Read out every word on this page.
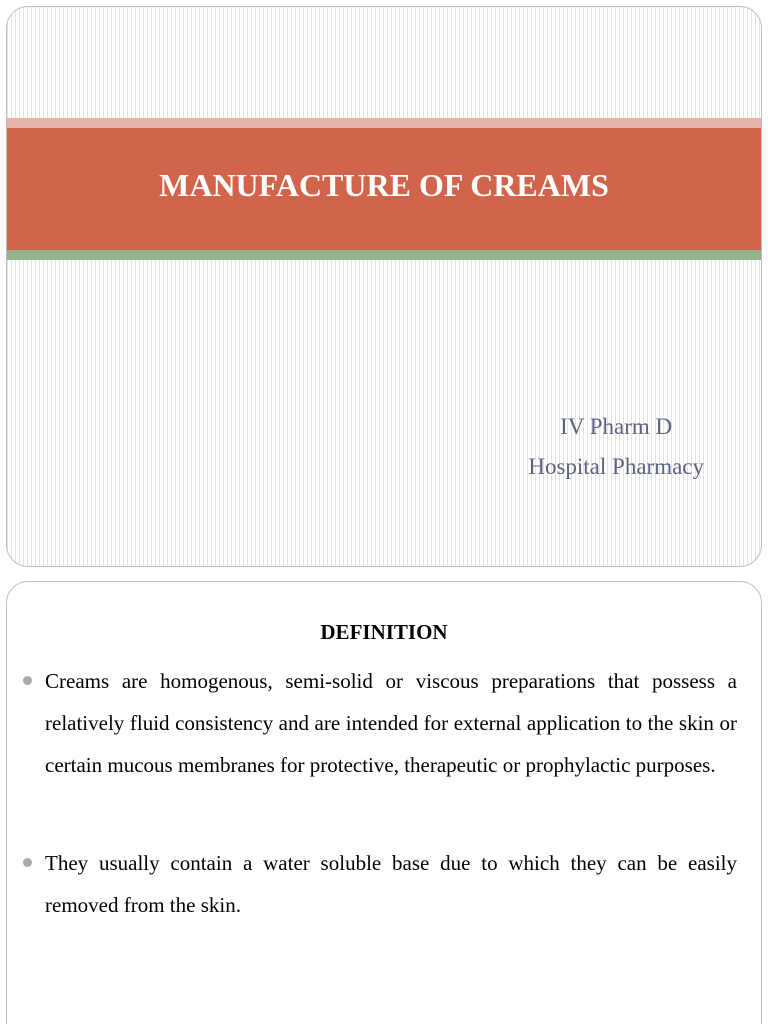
MANUFACTURE OF CREAMS
IV Pharm D
Hospital Pharmacy
DEFINITION
Creams are homogenous, semi-solid or viscous preparations that possess a relatively fluid consistency and are intended for external application to the skin or certain mucous membranes for protective, therapeutic or prophylactic purposes.
They usually contain a water soluble base due to which they can be easily removed from the skin.
